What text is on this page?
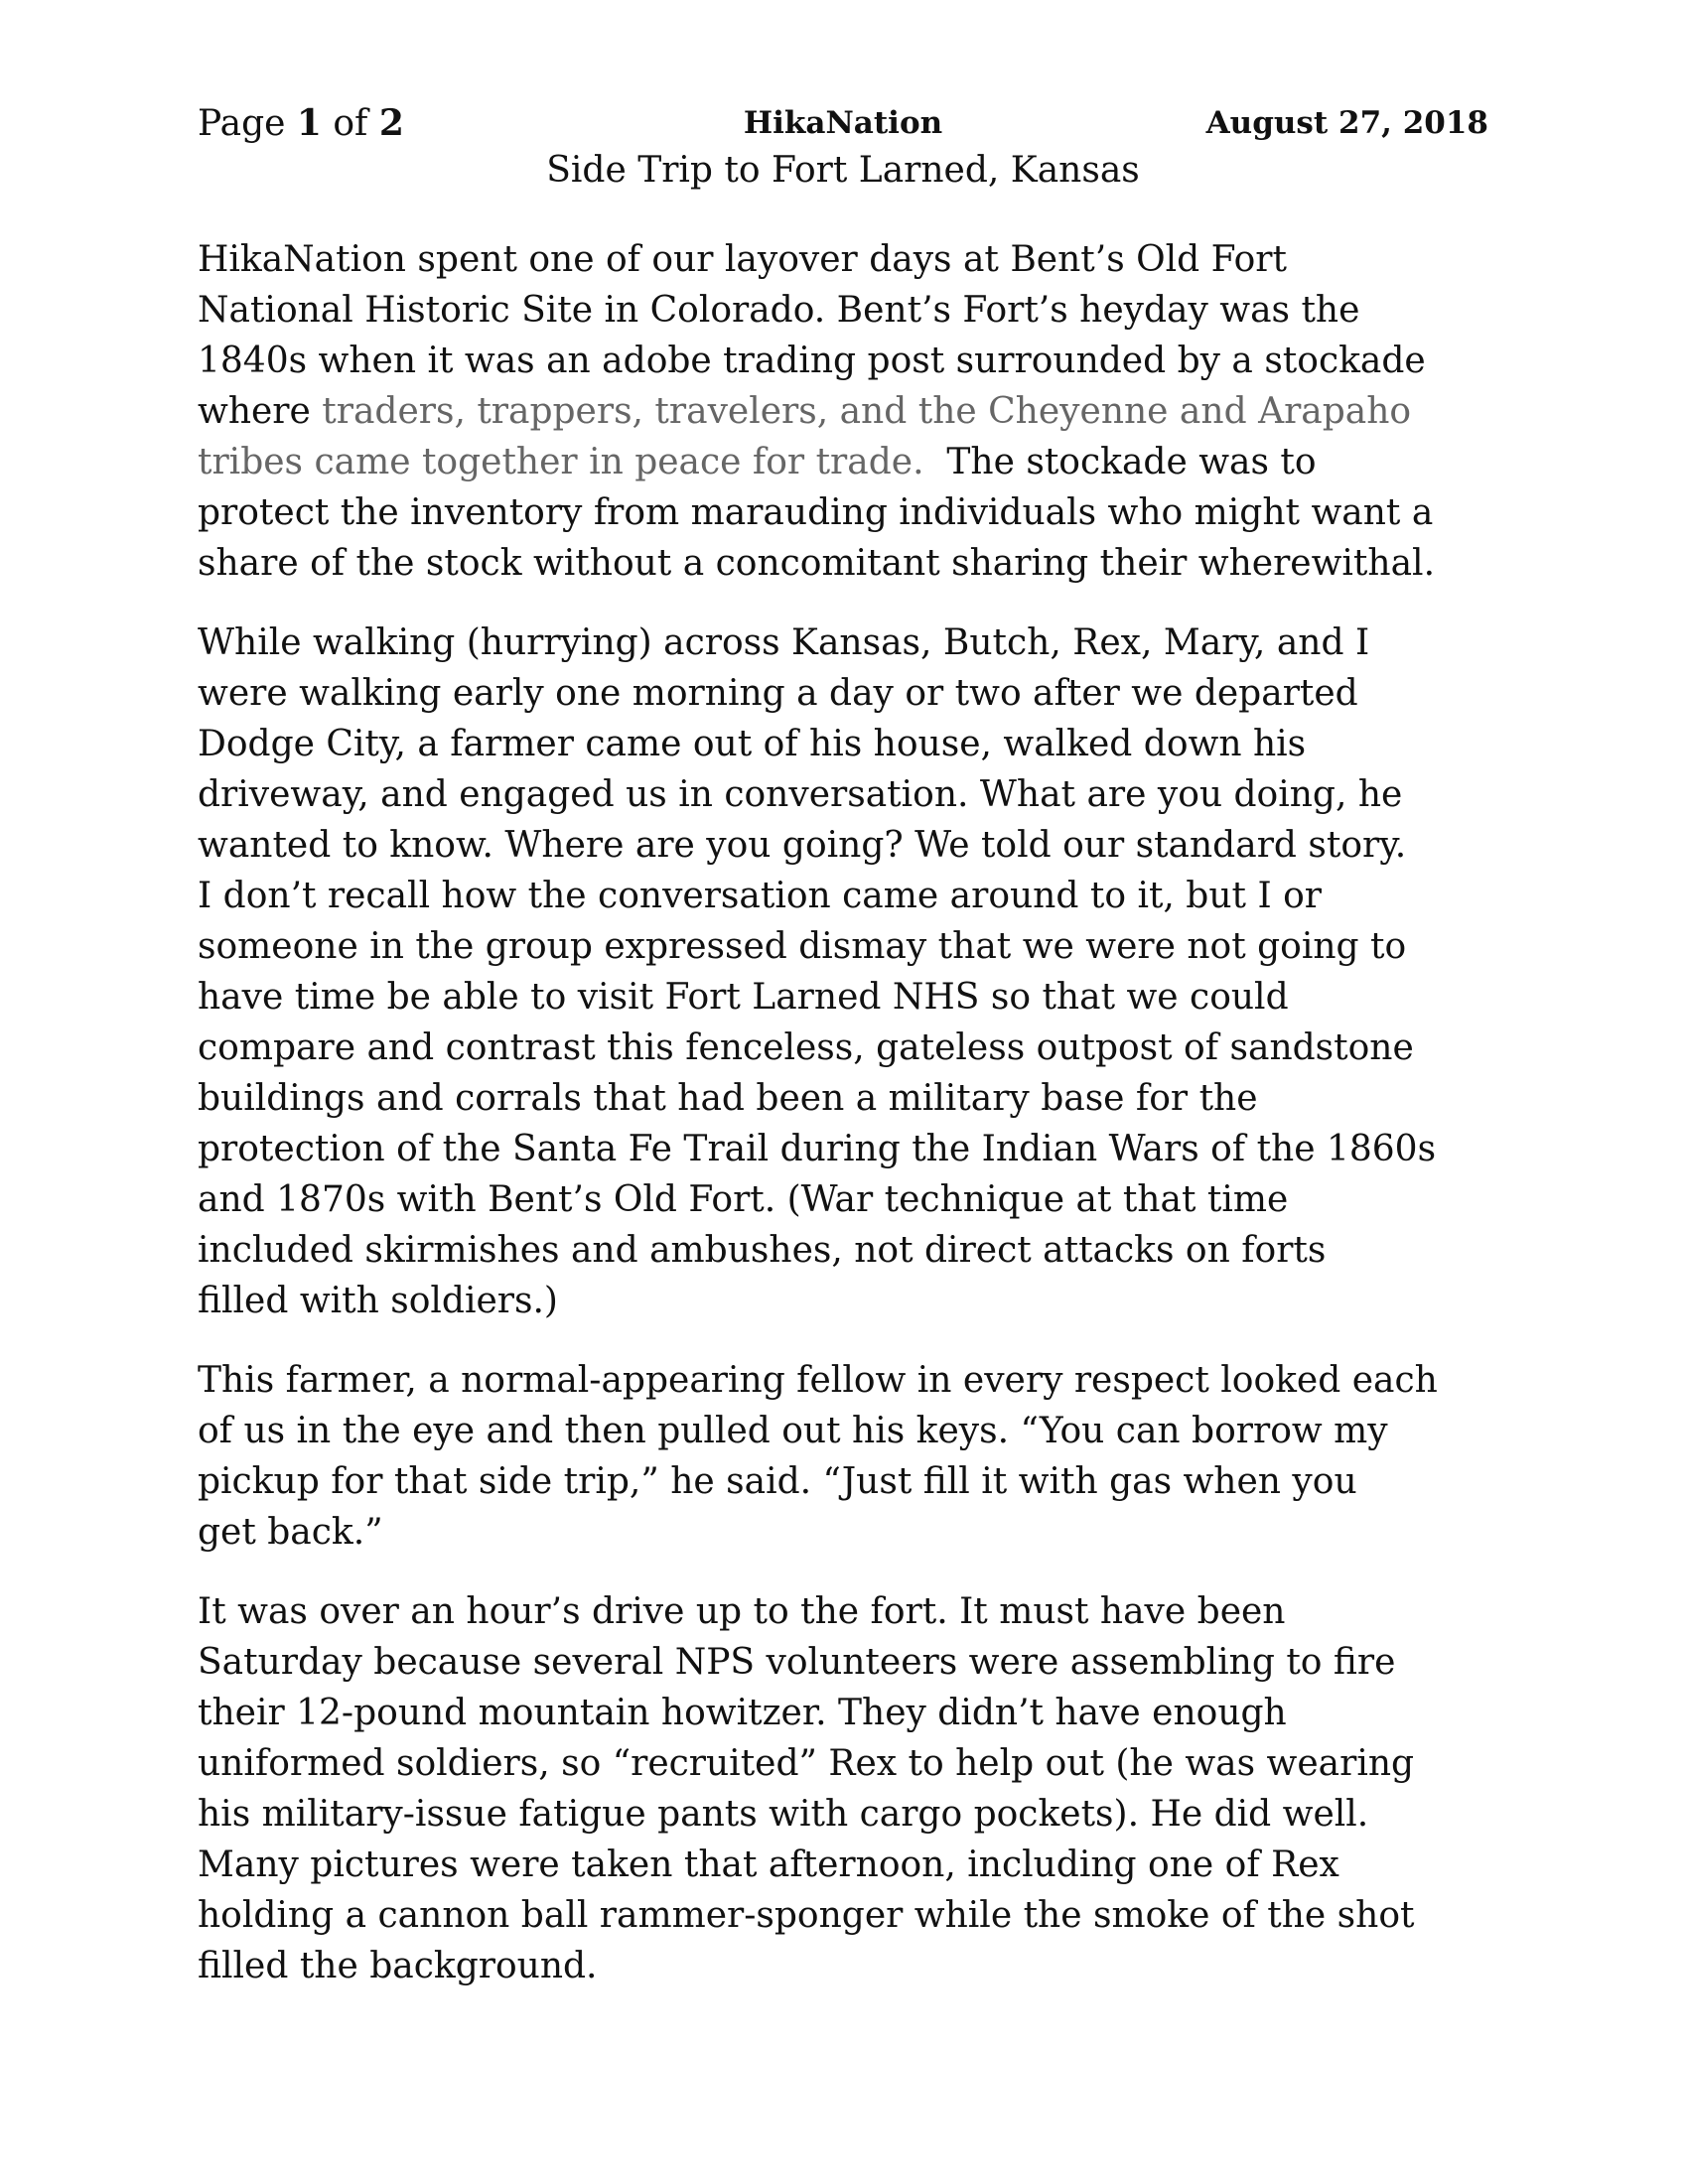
Page 1 of 2	HikaNation	August 27, 2018
Side Trip to Fort Larned, Kansas

HikaNation spent one of our layover days at Bent’s Old Fort
National Historic Site in Colorado. Bent’s Fort’s heyday was the
1840s when it was an adobe trading post surrounded by a stockade
where traders, trappers, travelers, and the Cheyenne and Arapaho
tribes came together in peace for trade.  The stockade was to
protect the inventory from marauding individuals who might want a
share of the stock without a concomitant sharing their wherewithal.

While walking (hurrying) across Kansas, Butch, Rex, Mary, and I
were walking early one morning a day or two after we departed
Dodge City, a farmer came out of his house, walked down his
driveway, and engaged us in conversation. What are you doing, he
wanted to know. Where are you going? We told our standard story.
I don’t recall how the conversation came around to it, but I or
someone in the group expressed dismay that we were not going to
have time be able to visit Fort Larned NHS so that we could
compare and contrast this fenceless, gateless outpost of sandstone
buildings and corrals that had been a military base for the
protection of the Santa Fe Trail during the Indian Wars of the 1860s
and 1870s with Bent’s Old Fort. (War technique at that time
included skirmishes and ambushes, not direct attacks on forts
filled with soldiers.)

This farmer, a normal-appearing fellow in every respect looked each
of us in the eye and then pulled out his keys. “You can borrow my
pickup for that side trip,” he said. “Just fill it with gas when you
get back.”

It was over an hour’s drive up to the fort. It must have been
Saturday because several NPS volunteers were assembling to fire
their 12-pound mountain howitzer. They didn’t have enough
uniformed soldiers, so “recruited” Rex to help out (he was wearing
his military-issue fatigue pants with cargo pockets). He did well.
Many pictures were taken that afternoon, including one of Rex
holding a cannon ball rammer-sponger while the smoke of the shot
filled the background.
